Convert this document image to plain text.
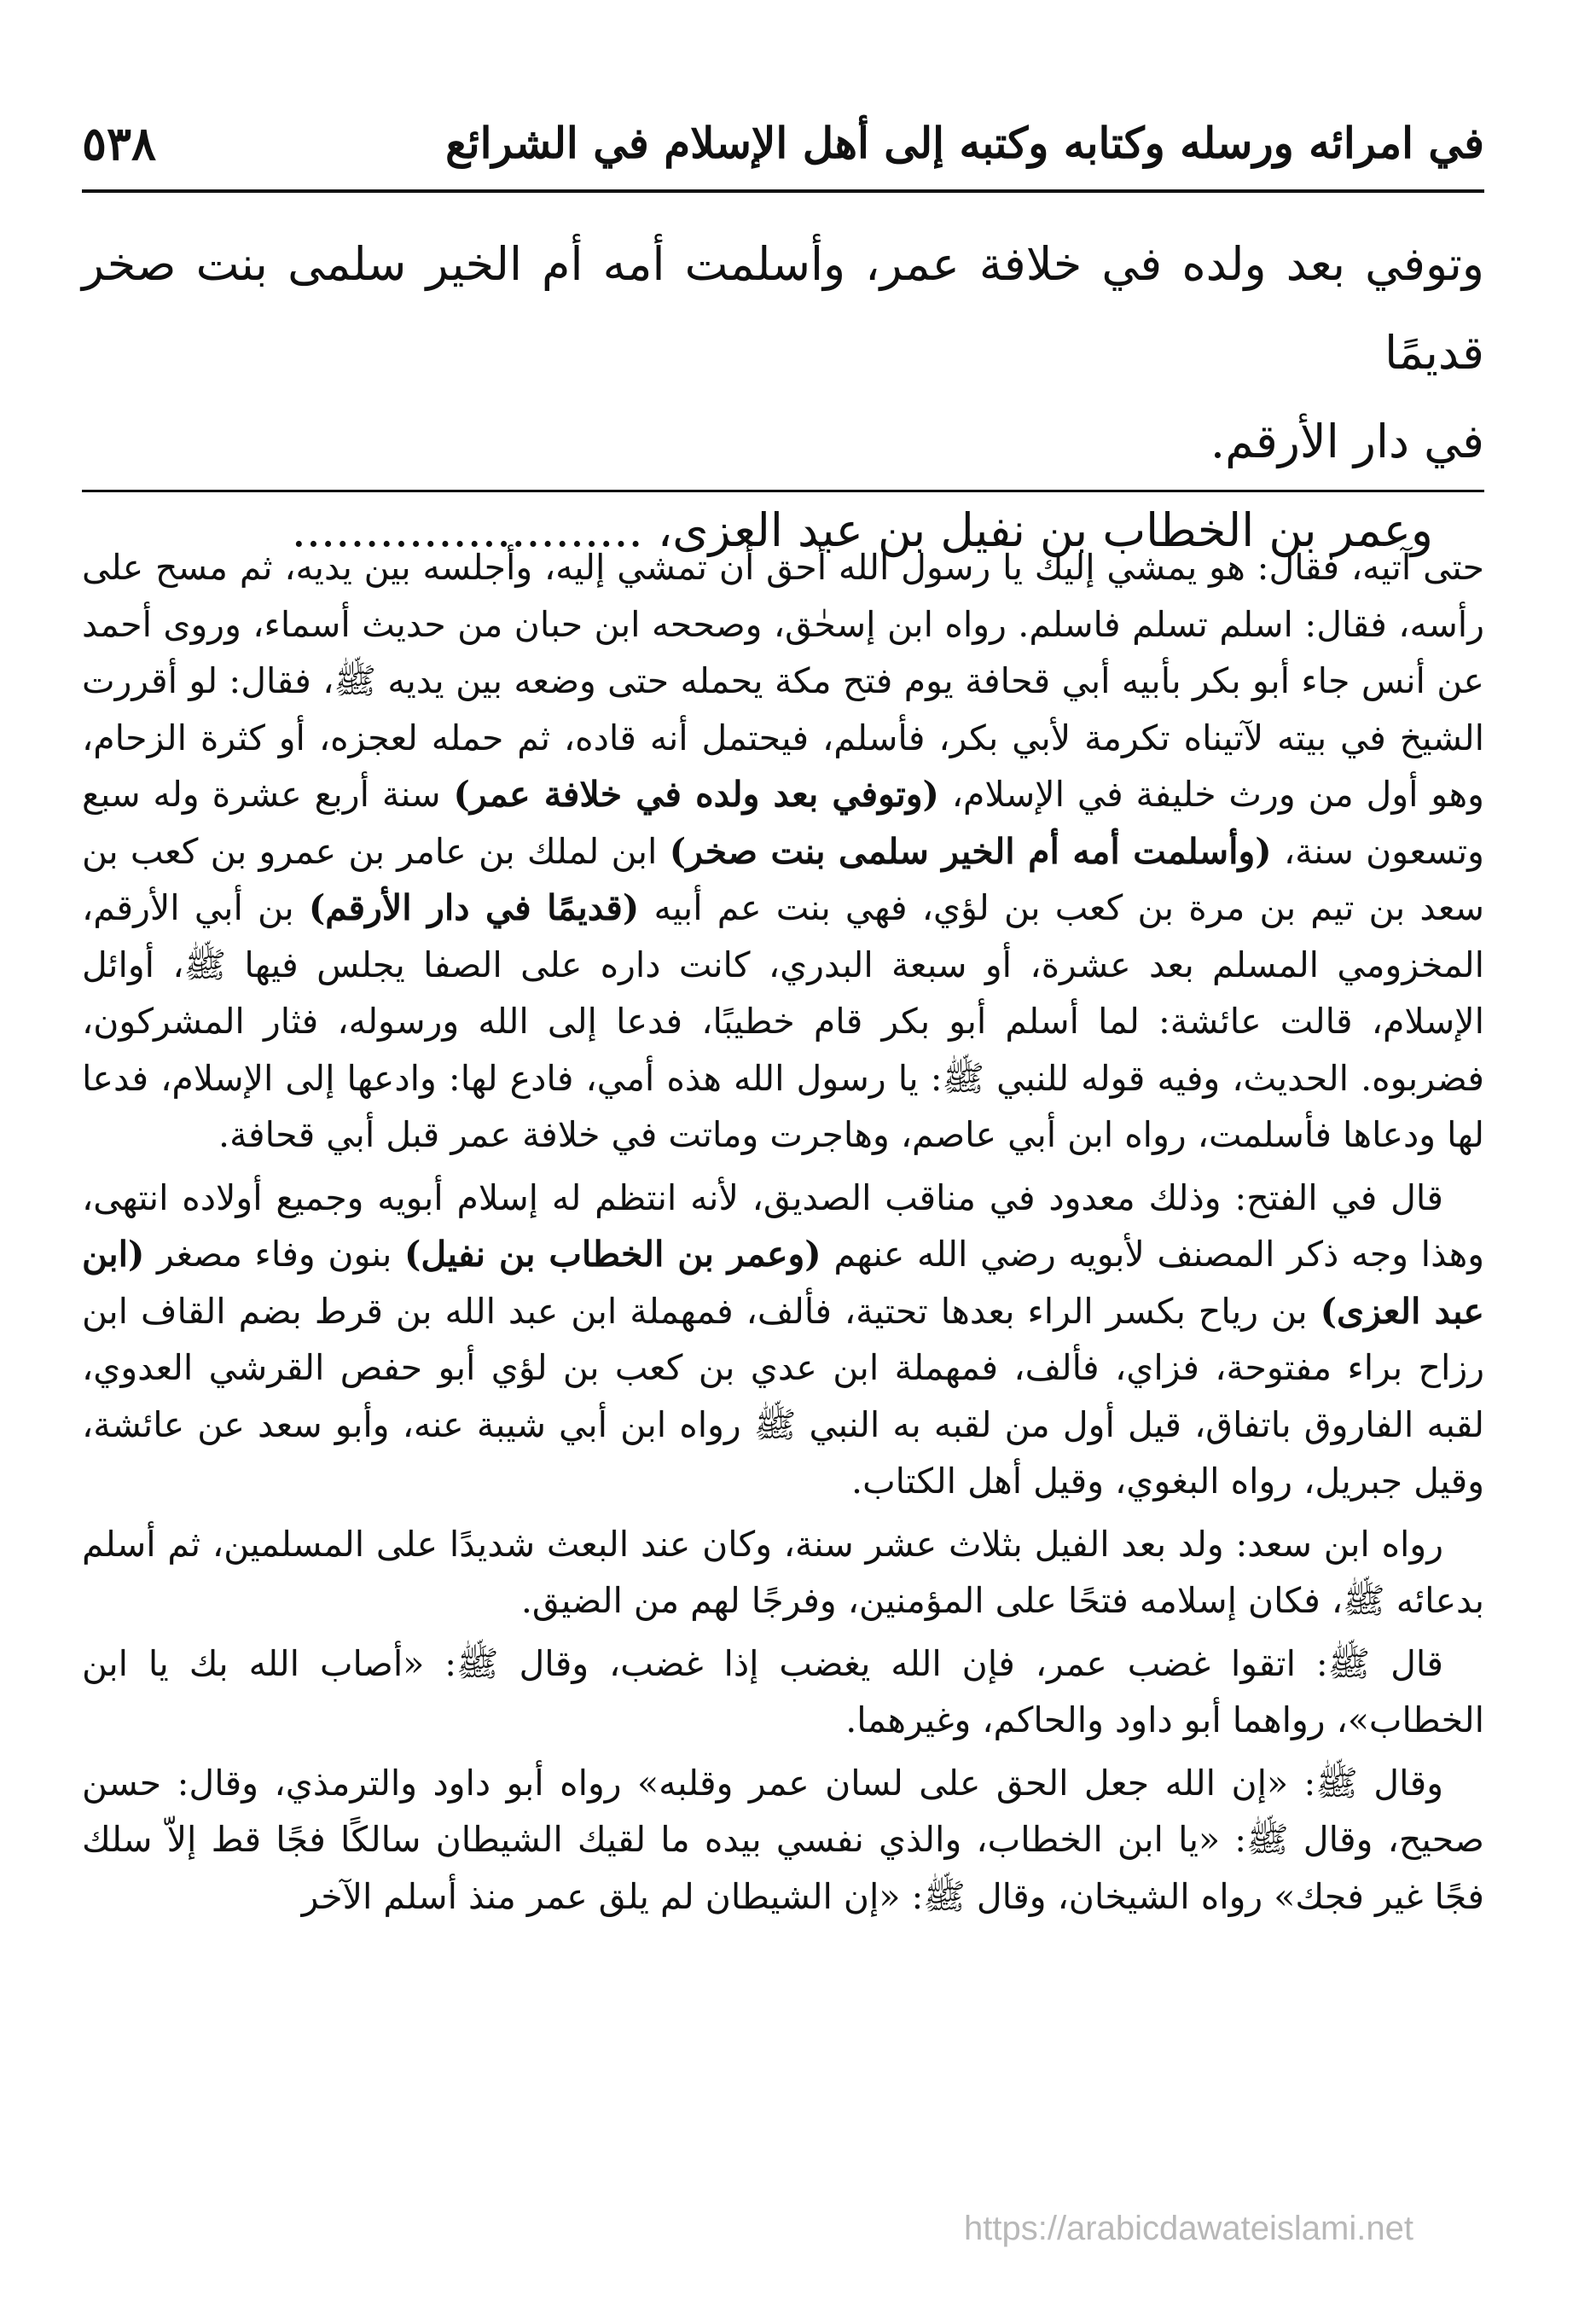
٥٣٨	في امرائه ورسله وكتابه وكتبه إلى أهل الإسلام في الشرائع

وتوفي بعد ولده في خلافة عمر، وأسلمت أمه أم الخير سلمى بنت صخر قديمًا

في دار الأرقم.

وعمر بن الخطاب بن نفيل بن عبد العزى، ........................

حتى آتيه، فقال: هو يمشي إليك يا رسول الله أحق أن تمشي إليه، وأجلسه بين يديه، ثم مسح على رأسه، فقال: اسلم تسلم فاسلم. رواه ابن إسحٰق، وصححه ابن حبان من حديث أسماء، وروى أحمد عن أنس جاء أبو بكر بأبيه أبي قحافة يوم فتح مكة يحمله حتى وضعه بين يديه ﷺ، فقال: لو أقررت الشيخ في بيته لآتيناه تكرمة لأبي بكر، فأسلم، فيحتمل أنه قاده، ثم حمله لعجزه، أو كثرة الزحام، وهو أول من ورث خليفة في الإسلام، (وتوفي بعد ولده في خلافة عمر) سنة أربع عشرة وله سبع وتسعون سنة، (وأسلمت أمه أم الخير سلمى بنت صخر) ابن لملك بن عامر بن عمرو بن كعب بن سعد بن تيم بن مرة بن كعب بن لؤي، فهي بنت عم أبيه (قديمًا في دار الأرقم) بن أبي الأرقم، المخزومي المسلم بعد عشرة، أو سبعة البدري، كانت داره على الصفا يجلس فيها ﷺ، أوائل الإسلام، قالت عائشة: لما أسلم أبو بكر قام خطيبًا، فدعا إلى الله ورسوله، فثار المشركون، فضربوه. الحديث، وفيه قوله للنبي ﷺ: يا رسول الله هذه أمي، فادع لها: وادعها إلى الإسلام، فدعا لها ودعاها فأسلمت، رواه ابن أبي عاصم، وهاجرت وماتت في خلافة عمر قبل أبي قحافة.

قال في الفتح: وذلك معدود في مناقب الصديق، لأنه انتظم له إسلام أبويه وجميع أولاده انتهى، وهذا وجه ذكر المصنف لأبويه رضي الله عنهم (وعمر بن الخطاب بن نفيل) بنون وفاء مصغر (ابن عبد العزى) بن رياح بكسر الراء بعدها تحتية، فألف، فمهملة ابن عبد الله بن قرط بضم القاف ابن رزاح براء مفتوحة، فزاي، فألف، فمهملة ابن عدي بن كعب بن لؤي أبو حفص القرشي العدوي، لقبه الفاروق باتفاق، قيل أول من لقبه به النبي ﷺ رواه ابن أبي شيبة عنه، وأبو سعد عن عائشة، وقيل جبريل، رواه البغوي، وقيل أهل الكتاب.

رواه ابن سعد: ولد بعد الفيل بثلاث عشر سنة، وكان عند البعث شديدًا على المسلمين، ثم أسلم بدعائه ﷺ، فكان إسلامه فتحًا على المؤمنين، وفرجًا لهم من الضيق.

قال ﷺ: اتقوا غضب عمر، فإن الله يغضب إذا غضب، وقال ﷺ: «أصاب الله بك يا ابن الخطاب»، رواهما أبو داود والحاكم، وغيرهما.

وقال ﷺ: «إن الله جعل الحق على لسان عمر وقلبه» رواه أبو داود والترمذي، وقال: حسن صحيح، وقال ﷺ: «يا ابن الخطاب، والذي نفسي بيده ما لقيك الشيطان سالكًا فجًا قط إلاّ سلك فجًا غير فجك» رواه الشيخان، وقال ﷺ: «إن الشيطان لم يلق عمر منذ أسلم الآخر

https://arabicdawateislami.net
